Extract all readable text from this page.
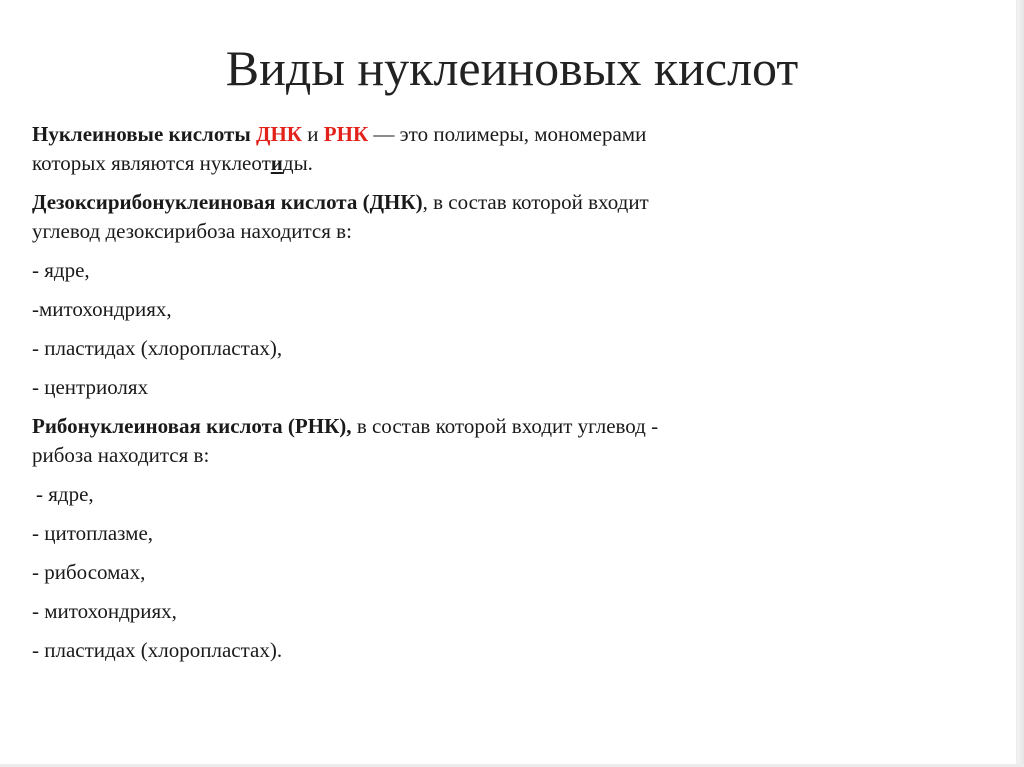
Виды нуклеиновых кислот
Нуклеиновые кислоты ДНК и РНК — это полимеры, мономерами
которых являются нуклеотиды.
Дезоксирибонуклеиновая кислота (ДНК), в состав которой входит
углевод дезоксирибоза находится в:
- ядре,
-митохондриях,
- пластидах (хлоропластах),
- центриолях
Рибонуклеиновая кислота (РНК), в состав которой входит углевод -
рибоза находится в:
- ядре,
- цитоплазме,
- рибосомах,
- митохондриях,
- пластидах (хлоропластах).
